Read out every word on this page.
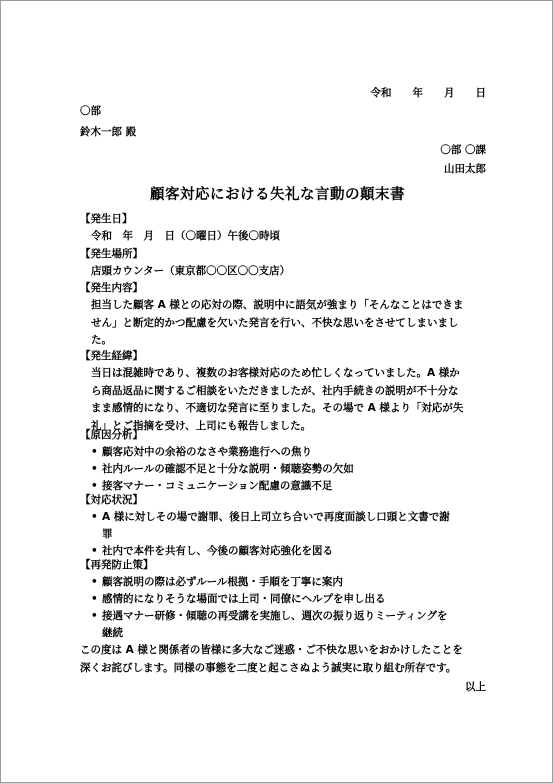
令和　　年　　月　　日
〇部
鈴木一郎 殿
〇部 〇課
山田太郎
顧客対応における失礼な言動の顛末書
【発生日】
令和　年　月　日（〇曜日）午後〇時頃
【発生場所】
店頭カウンター（東京都〇〇区〇〇支店）
【発生内容】
担当した顧客 A 様との応対の際、説明中に語気が強まり「そんなことはできま
せん」と断定的かつ配慮を欠いた発言を行い、不快な思いをさせてしまいまし
た。
【発生経緯】
当日は混雑時であり、複数のお客様対応のため忙しくなっていました。A 様か
ら商品返品に関するご相談をいただきましたが、社内手続きの説明が不十分な
まま感情的になり、不適切な発言に至りました。その場で A 様より「対応が失
礼」とご指摘を受け、上司にも報告しました。
【原因分析】
• 顧客応対中の余裕のなさや業務進行への焦り
• 社内ルールの確認不足と十分な説明・傾聴姿勢の欠如
• 接客マナー・コミュニケーション配慮の意識不足
【対応状況】
• A 様に対しその場で謝罪、後日上司立ち合いで再度面談し口頭と文書で謝
罪
• 社内で本件を共有し、今後の顧客対応強化を図る
【再発防止策】
• 顧客説明の際は必ずルール根拠・手順を丁寧に案内
• 感情的になりそうな場面では上司・同僚にヘルプを申し出る
• 接遇マナー研修・傾聴の再受講を実施し、週次の振り返りミーティングを
継続
この度は A 様と関係者の皆様に多大なご迷惑・ご不快な思いをおかけしたことを
深くお詫びします。同様の事態を二度と起こさぬよう誠実に取り組む所存です。
以上
